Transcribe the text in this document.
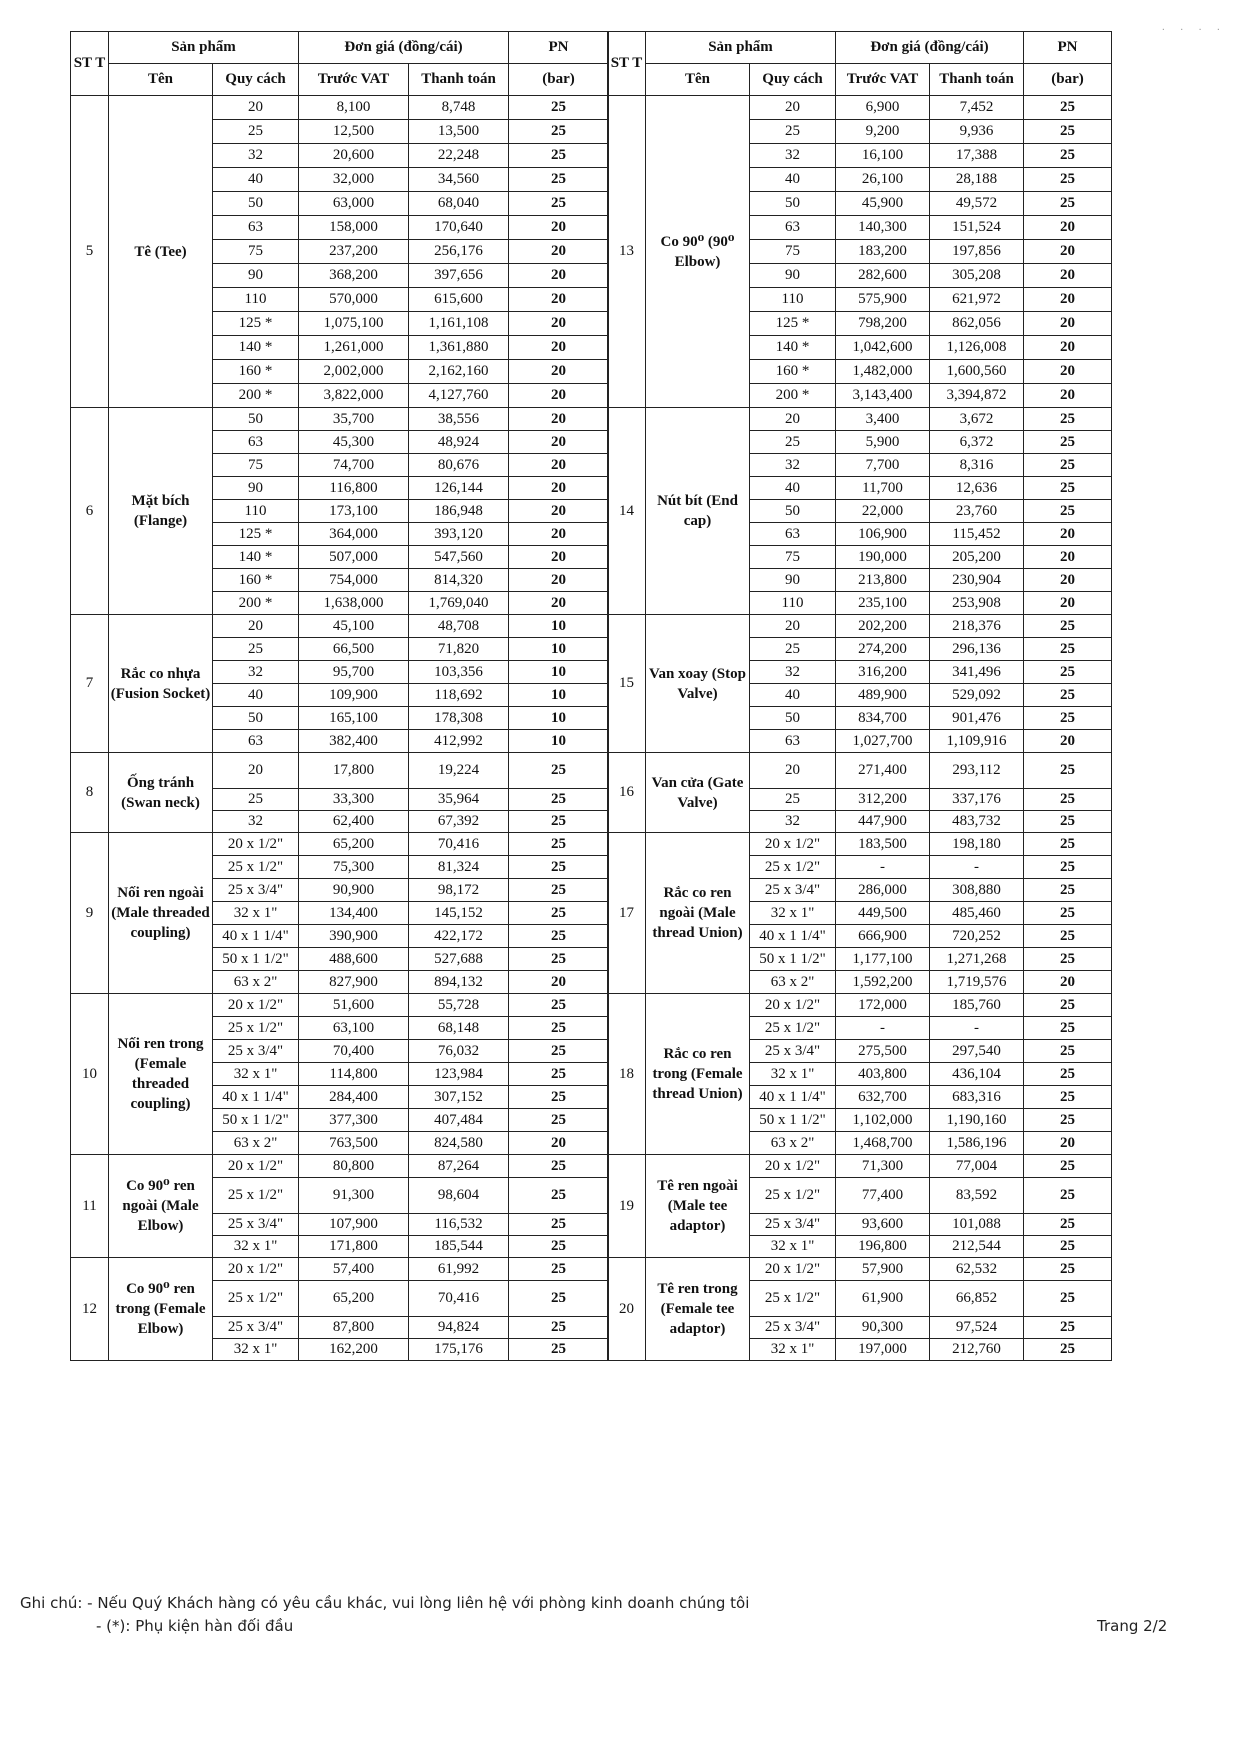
· · · ·
ST T	Sản phẩm		Đơn giá (đồng/cái)		PN
	Tên	Quy cách	Trước VAT	Thanh toán	(bar)
5	Tê (Tee)	20	8,100	8,748	25
		25	12,500	13,500	25
		32	20,600	22,248	25
		40	32,000	34,560	25
		50	63,000	68,040	25
		63	158,000	170,640	20
		75	237,200	256,176	20
		90	368,200	397,656	20
		110	570,000	615,600	20
		125 *	1,075,100	1,161,108	20
		140 *	1,261,000	1,361,880	20
		160 *	2,002,000	2,162,160	20
		200 *	3,822,000	4,127,760	20
6	Mặt bích (Flange)	50	35,700	38,556	20
		63	45,300	48,924	20
		75	74,700	80,676	20
		90	116,800	126,144	20
		110	173,100	186,948	20
		125 *	364,000	393,120	20
		140 *	507,000	547,560	20
		160 *	754,000	814,320	20
		200 *	1,638,000	1,769,040	20
7	Rắc co nhựa (Fusion Socket)	20	45,100	48,708	10
		25	66,500	71,820	10
		32	95,700	103,356	10
		40	109,900	118,692	10
		50	165,100	178,308	10
		63	382,400	412,992	10
8	Ống tránh (Swan neck)	20	17,800	19,224	25
		25	33,300	35,964	25
		32	62,400	67,392	25
9	Nối ren ngoài (Male threaded coupling)	20 x 1/2"	65,200	70,416	25
		25 x 1/2"	75,300	81,324	25
		25 x 3/4"	90,900	98,172	25
		32 x 1"	134,400	145,152	25
		40 x 1 1/4"	390,900	422,172	25
		50 x 1 1/2"	488,600	527,688	25
		63 x 2"	827,900	894,132	20
10	Nối ren trong (Female threaded coupling)	20 x 1/2"	51,600	55,728	25
		25 x 1/2"	63,100	68,148	25
		25 x 3/4"	70,400	76,032	25
		32 x 1"	114,800	123,984	25
		40 x 1 1/4"	284,400	307,152	25
		50 x 1 1/2"	377,300	407,484	25
		63 x 2"	763,500	824,580	20
11	Co 90⁰ ren ngoài (Male Elbow)	20 x 1/2"	80,800	87,264	25
		25 x 1/2"	91,300	98,604	25
		25 x 3/4"	107,900	116,532	25
		32 x 1"	171,800	185,544	25
12	Co 90⁰ ren trong (Female Elbow)	20 x 1/2"	57,400	61,992	25
		25 x 1/2"	65,200	70,416	25
		25 x 3/4"	87,800	94,824	25
		32 x 1"	162,200	175,176	25
ST T	Sản phẩm		Đơn giá (đồng/cái)		PN
	Tên	Quy cách	Trước VAT	Thanh toán	(bar)
13	Co 90⁰ (90⁰ Elbow)	20	6,900	7,452	25
		25	9,200	9,936	25
		32	16,100	17,388	25
		40	26,100	28,188	25
		50	45,900	49,572	25
		63	140,300	151,524	20
		75	183,200	197,856	20
		90	282,600	305,208	20
		110	575,900	621,972	20
		125 *	798,200	862,056	20
		140 *	1,042,600	1,126,008	20
		160 *	1,482,000	1,600,560	20
		200 *	3,143,400	3,394,872	20
14	Nút bít (End cap)	20	3,400	3,672	25
		25	5,900	6,372	25
		32	7,700	8,316	25
		40	11,700	12,636	25
		50	22,000	23,760	25
		63	106,900	115,452	20
		75	190,000	205,200	20
		90	213,800	230,904	20
		110	235,100	253,908	20
15	Van xoay (Stop Valve)	20	202,200	218,376	25
		25	274,200	296,136	25
		32	316,200	341,496	25
		40	489,900	529,092	25
		50	834,700	901,476	25
		63	1,027,700	1,109,916	20
16	Van cửa (Gate Valve)	20	271,400	293,112	25
		25	312,200	337,176	25
		32	447,900	483,732	25
17	Rắc co ren ngoài (Male thread Union)	20 x 1/2"	183,500	198,180	25
		25 x 1/2"	-	-	25
		25 x 3/4"	286,000	308,880	25
		32 x 1"	449,500	485,460	25
		40 x 1 1/4"	666,900	720,252	25
		50 x 1 1/2"	1,177,100	1,271,268	25
		63 x 2"	1,592,200	1,719,576	20
18	Rắc co ren trong (Female thread Union)	20 x 1/2"	172,000	185,760	25
		25 x 1/2"	-	-	25
		25 x 3/4"	275,500	297,540	25
		32 x 1"	403,800	436,104	25
		40 x 1 1/4"	632,700	683,316	25
		50 x 1 1/2"	1,102,000	1,190,160	25
		63 x 2"	1,468,700	1,586,196	20
19	Tê ren ngoài (Male tee adaptor)	20 x 1/2"	71,300	77,004	25
		25 x 1/2"	77,400	83,592	25
		25 x 3/4"	93,600	101,088	25
		32 x 1"	196,800	212,544	25
20	Tê ren trong (Female tee adaptor)	20 x 1/2"	57,900	62,532	25
		25 x 1/2"	61,900	66,852	25
		25 x 3/4"	90,300	97,524	25
		32 x 1"	197,000	212,760	25
Ghi chú: - Nếu Quý Khách hàng có yêu cầu khác, vui lòng liên hệ với phòng kinh doanh chúng tôi
- (*): Phụ kiện hàn đối đầu	Trang 2/2
